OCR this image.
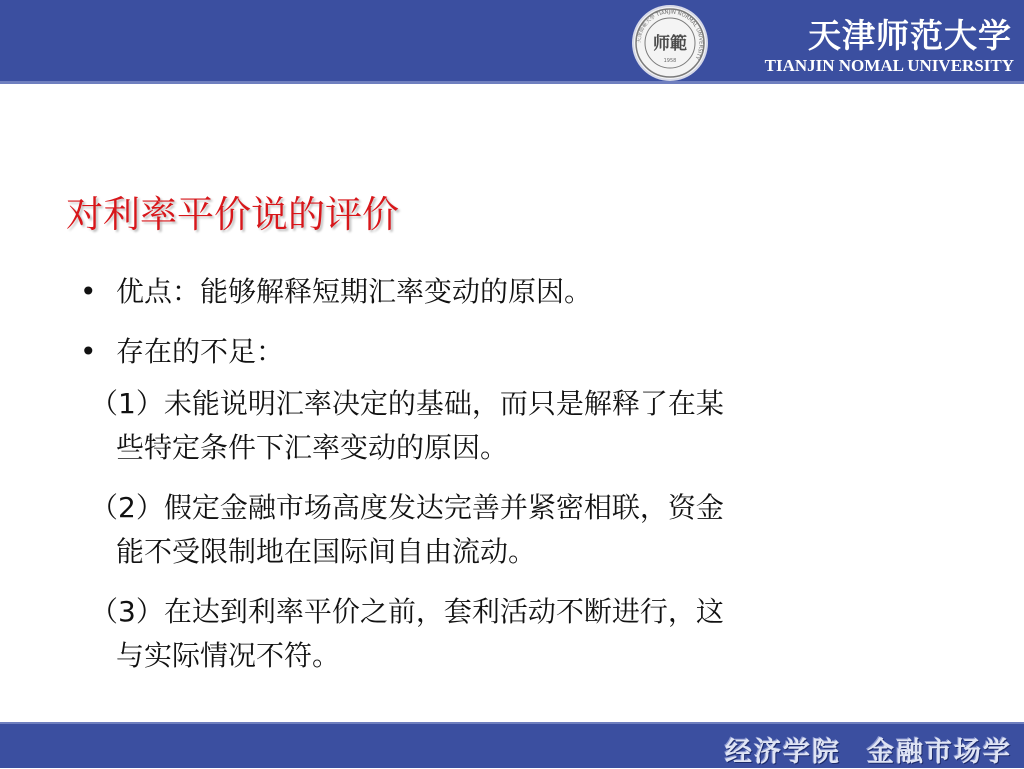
天津師範大學 TIANJIN NORMAL UNIVERSITY
师範
1958
天津师范大学
TIANJIN NOMAL UNIVERSITY
对利率平价说的评价
• 优点：能够解释短期汇率变动的原因。
• 存在的不足：
（1）未能说明汇率决定的基础，而只是解释了在某
些特定条件下汇率变动的原因。
（2）假定金融市场高度发达完善并紧密相联，资金
能不受限制地在国际间自由流动。
（3）在达到利率平价之前，套利活动不断进行，这
与实际情况不符。
经济学院 金融市场学
